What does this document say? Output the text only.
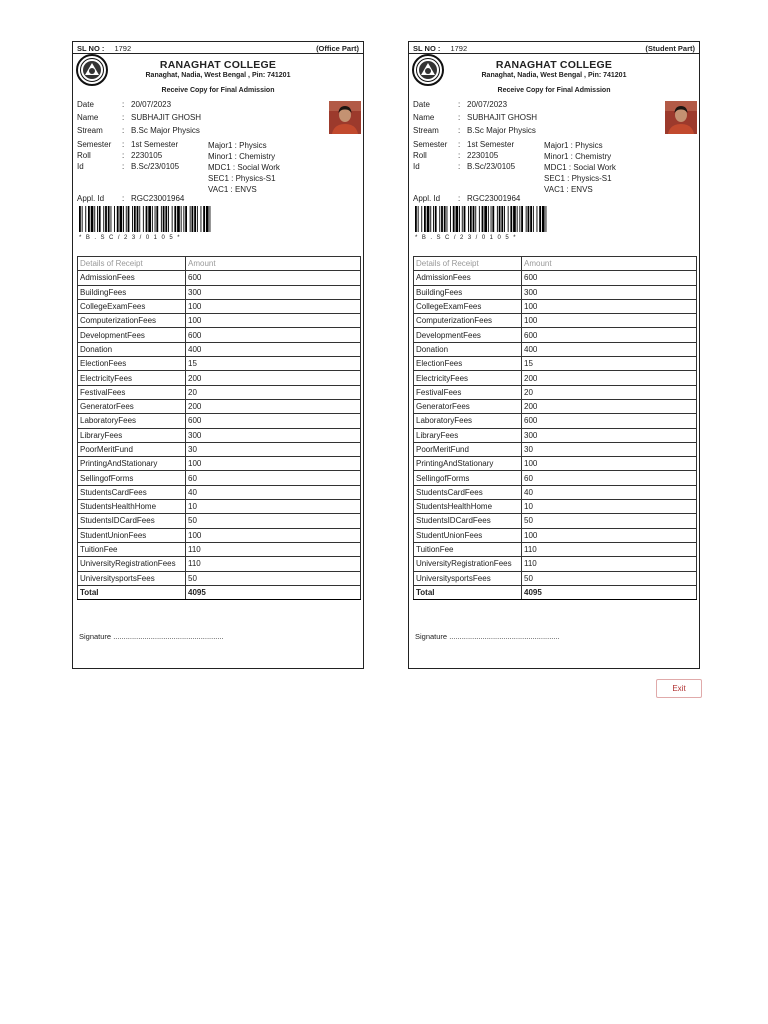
SL NO : 1792	(Office Part)
RANAGHAT COLLEGE
Ranaghat, Nadia, West Bengal , Pin: 741201
Receive Copy for Final Admission
Date	: 20/07/2023
Name	: SUBHAJIT GHOSH
Stream : B.Sc Major Physics
Semester : 1st Semester
Roll	: 2230105
Id	: B.Sc/23/0105
Major1 : Physics
Minor1 : Chemistry
MDC1 : Social Work
SEC1 : Physics-S1
VAC1 : ENVS
Appl. Id : RGC23001964
*B.SC/23/0105*
Details of Receipt	Amount
AdmissionFees	600
BuildingFees	300
CollegeExamFees	100
ComputerizationFees	100
DevelopmentFees	600
Donation	400
ElectionFees	15
ElectricityFees	200
FestivalFees	20
GeneratorFees	200
LaboratoryFees	600
LibraryFees	300
PoorMeritFund	30
PrintingAndStationary	100
SellingofForms	60
StudentsCardFees	40
StudentsHealthHome	10
StudentsIDCardFees	50
StudentUnionFees	100
TuitionFee	110
UniversityRegistrationFees	110
UniversitysportsFees	50
Total	4095
Signature .....................................................
SL NO : 1792	(Student Part)
RANAGHAT COLLEGE
Ranaghat, Nadia, West Bengal , Pin: 741201
Receive Copy for Final Admission
Date	: 20/07/2023
Name	: SUBHAJIT GHOSH
Stream : B.Sc Major Physics
Semester : 1st Semester
Roll	: 2230105
Id	: B.Sc/23/0105
Major1 : Physics
Minor1 : Chemistry
MDC1 : Social Work
SEC1 : Physics-S1
VAC1 : ENVS
Appl. Id : RGC23001964
*B.SC/23/0105*
Details of Receipt	Amount
AdmissionFees	600
BuildingFees	300
CollegeExamFees	100
ComputerizationFees	100
DevelopmentFees	600
Donation	400
ElectionFees	15
ElectricityFees	200
FestivalFees	20
GeneratorFees	200
LaboratoryFees	600
LibraryFees	300
PoorMeritFund	30
PrintingAndStationary	100
SellingofForms	60
StudentsCardFees	40
StudentsHealthHome	10
StudentsIDCardFees	50
StudentUnionFees	100
TuitionFee	110
UniversityRegistrationFees	110
UniversitysportsFees	50
Total	4095
Signature .....................................................
Exit
